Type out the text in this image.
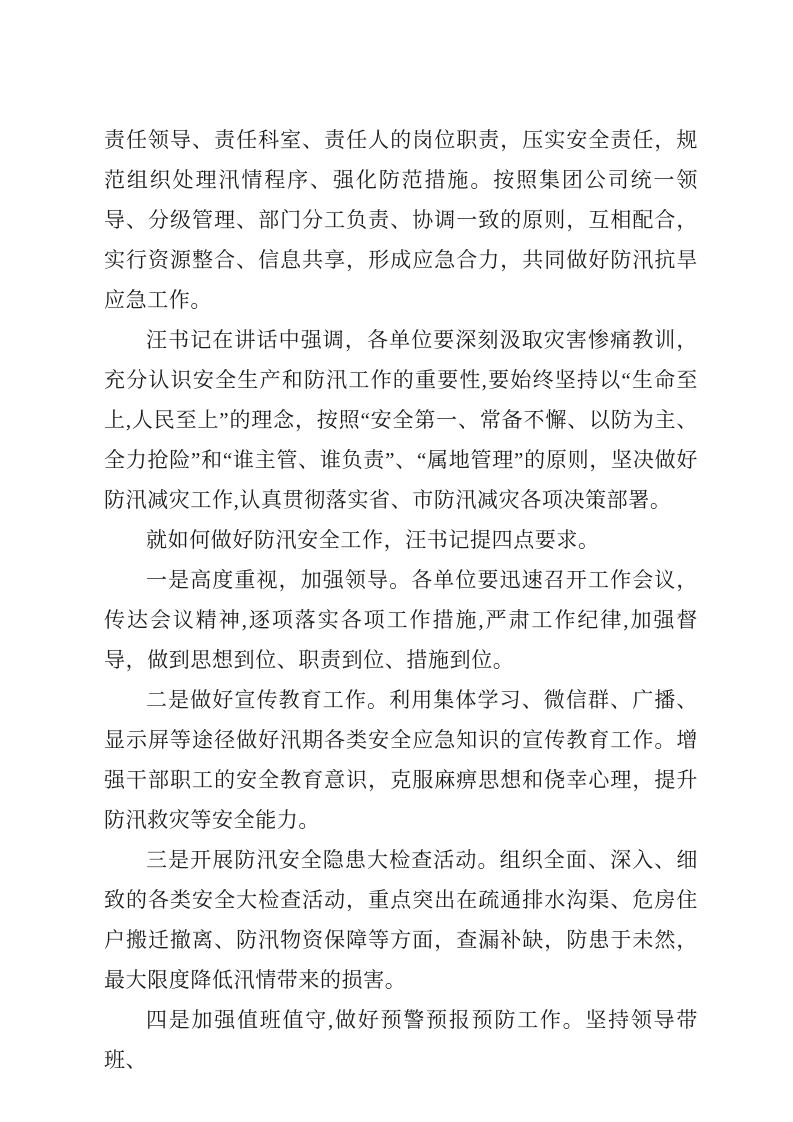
责任领导、责任科室、责任人的岗位职责，压实安全责任，规范组织处理汛情程序、强化防范措施。按照集团公司统一领导、分级管理、部门分工负责、协调一致的原则，互相配合，实行资源整合、信息共享，形成应急合力，共同做好防汛抗旱应急工作。

汪书记在讲话中强调，各单位要深刻汲取灾害惨痛教训，充分认识安全生产和防汛工作的重要性,要始终坚持以“生命至上,人民至上”的理念，按照“安全第一、常备不懈、以防为主、全力抢险”和“谁主管、谁负责”、“属地管理”的原则，坚决做好防汛减灾工作,认真贯彻落实省、市防汛减灾各项决策部署。

就如何做好防汛安全工作，汪书记提四点要求。

一是高度重视，加强领导。各单位要迅速召开工作会议，传达会议精神,逐项落实各项工作措施,严肃工作纪律,加强督导，做到思想到位、职责到位、措施到位。

二是做好宣传教育工作。利用集体学习、微信群、广播、显示屏等途径做好汛期各类安全应急知识的宣传教育工作。增强干部职工的安全教育意识，克服麻痹思想和侥幸心理，提升防汛救灾等安全能力。

三是开展防汛安全隐患大检查活动。组织全面、深入、细致的各类安全大检查活动，重点突出在疏通排水沟渠、危房住户搬迁撤离、防汛物资保障等方面，查漏补缺，防患于未然，最大限度降低汛情带来的损害。

四是加强值班值守,做好预警预报预防工作。坚持领导带班、
